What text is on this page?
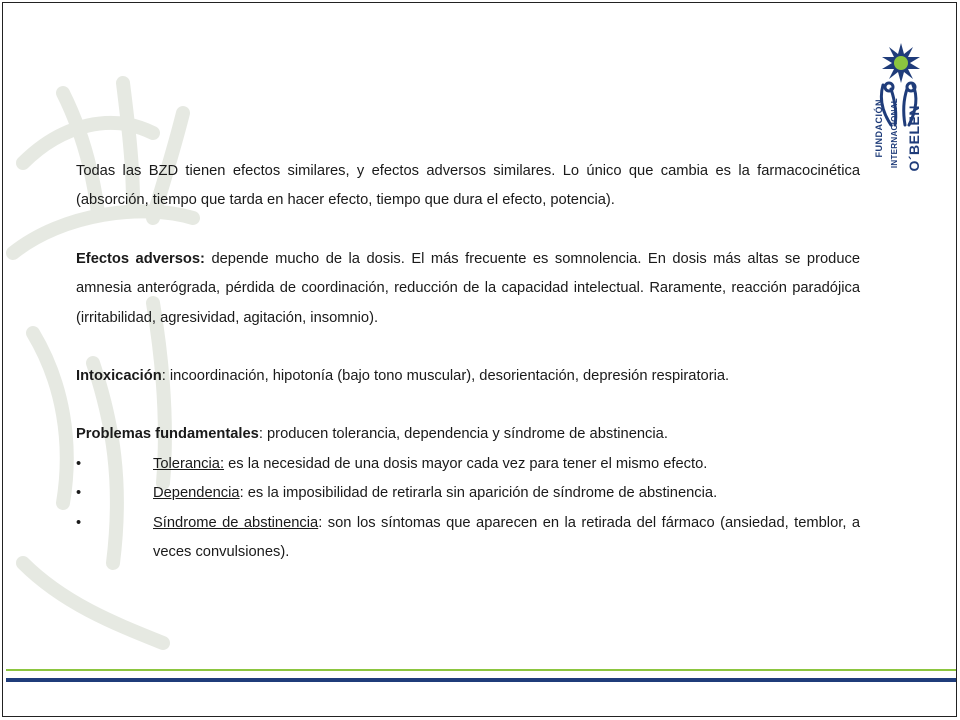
FUNDACIÓN INTERNACIONAL O´BELEN

Todas las BZD tienen efectos similares, y efectos adversos similares. Lo único que cambia es la farmacocinética (absorción, tiempo que tarda en hacer efecto, tiempo que dura el efecto, potencia).

Efectos adversos: depende mucho de la dosis. El más frecuente es somnolencia. En dosis más altas se produce amnesia anterógrada, pérdida de coordinación, reducción de la capacidad intelectual. Raramente, reacción paradójica (irritabilidad, agresividad, agitación, insomnio).

Intoxicación: incoordinación, hipotonía (bajo tono muscular), desorientación, depresión respiratoria.

Problemas fundamentales: producen tolerancia, dependencia y síndrome de abstinencia.

•	Tolerancia: es la necesidad de una dosis mayor cada vez para tener el mismo efecto.

•	Dependencia: es la imposibilidad de retirarla sin aparición de síndrome de abstinencia.

•	Síndrome de abstinencia: son los síntomas que aparecen en la retirada del fármaco (ansiedad, temblor, a veces convulsiones).
